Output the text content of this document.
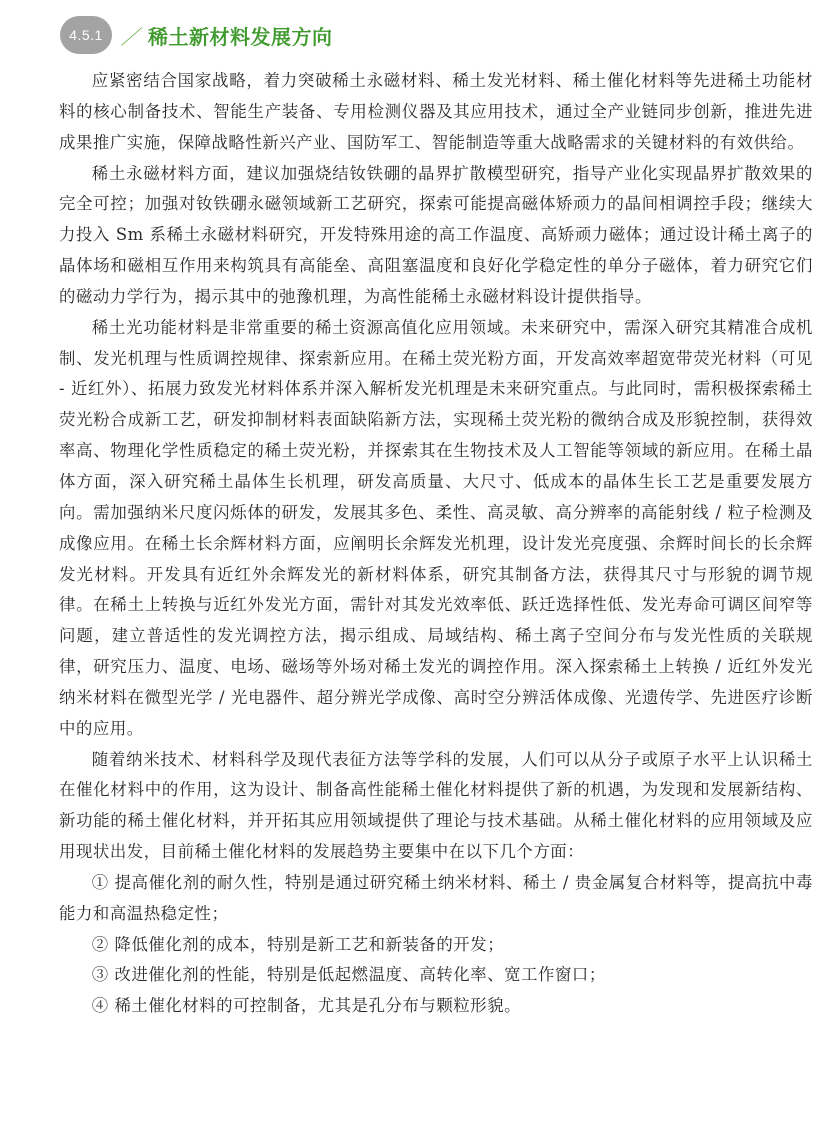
4.5.1 ／ 稀土新材料发展方向

应紧密结合国家战略，着力突破稀土永磁材料、稀土发光材料、稀土催化材料等先进稀土功能材料的核心制备技术、智能生产装备、专用检测仪器及其应用技术，通过全产业链同步创新，推进先进成果推广实施，保障战略性新兴产业、国防军工、智能制造等重大战略需求的关键材料的有效供给。

稀土永磁材料方面，建议加强烧结钕铁硼的晶界扩散模型研究，指导产业化实现晶界扩散效果的完全可控；加强对钕铁硼永磁领域新工艺研究，探索可能提高磁体矫顽力的晶间相调控手段；继续大力投入 Sm 系稀土永磁材料研究，开发特殊用途的高工作温度、高矫顽力磁体；通过设计稀土离子的晶体场和磁相互作用来构筑具有高能垒、高阻塞温度和良好化学稳定性的单分子磁体，着力研究它们的磁动力学行为，揭示其中的弛豫机理，为高性能稀土永磁材料设计提供指导。

稀土光功能材料是非常重要的稀土资源高值化应用领域。未来研究中，需深入研究其精准合成机制、发光机理与性质调控规律、探索新应用。在稀土荧光粉方面，开发高效率超宽带荧光材料（可见 - 近红外）、拓展力致发光材料体系并深入解析发光机理是未来研究重点。与此同时，需积极探索稀土荧光粉合成新工艺，研发抑制材料表面缺陷新方法，实现稀土荧光粉的微纳合成及形貌控制，获得效率高、物理化学性质稳定的稀土荧光粉，并探索其在生物技术及人工智能等领域的新应用。在稀土晶体方面，深入研究稀土晶体生长机理，研发高质量、大尺寸、低成本的晶体生长工艺是重要发展方向。需加强纳米尺度闪烁体的研发，发展其多色、柔性、高灵敏、高分辨率的高能射线 / 粒子检测及成像应用。在稀土长余辉材料方面，应阐明长余辉发光机理，设计发光亮度强、余辉时间长的长余辉发光材料。开发具有近红外余辉发光的新材料体系，研究其制备方法，获得其尺寸与形貌的调节规律。在稀土上转换与近红外发光方面，需针对其发光效率低、跃迁选择性低、发光寿命可调区间窄等问题，建立普适性的发光调控方法，揭示组成、局域结构、稀土离子空间分布与发光性质的关联规律，研究压力、温度、电场、磁场等外场对稀土发光的调控作用。深入探索稀土上转换 / 近红外发光纳米材料在微型光学 / 光电器件、超分辨光学成像、高时空分辨活体成像、光遗传学、先进医疗诊断中的应用。

随着纳米技术、材料科学及现代表征方法等学科的发展，人们可以从分子或原子水平上认识稀土在催化材料中的作用，这为设计、制备高性能稀土催化材料提供了新的机遇，为发现和发展新结构、新功能的稀土催化材料，并开拓其应用领域提供了理论与技术基础。从稀土催化材料的应用领域及应用现状出发，目前稀土催化材料的发展趋势主要集中在以下几个方面：

① 提高催化剂的耐久性，特别是通过研究稀土纳米材料、稀土 / 贵金属复合材料等，提高抗中毒能力和高温热稳定性；

② 降低催化剂的成本，特别是新工艺和新装备的开发；

③ 改进催化剂的性能，特别是低起燃温度、高转化率、宽工作窗口；

④ 稀土催化材料的可控制备，尤其是孔分布与颗粒形貌。
